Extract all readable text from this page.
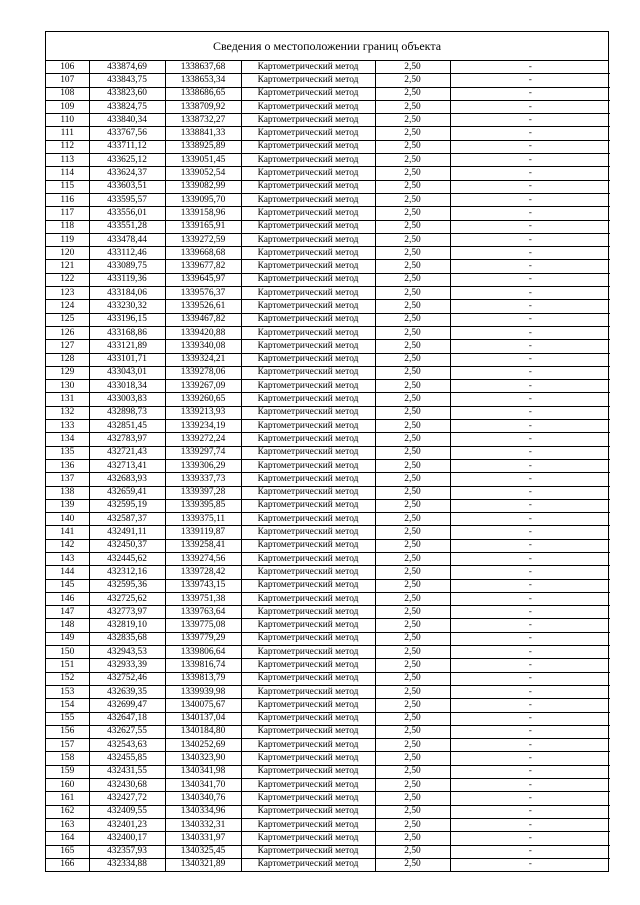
Сведения о местоположении границ объекта
106	433874,69	1338637,68	Картометрический метод	2,50	-
107	433843,75	1338653,34	Картометрический метод	2,50	-
108	433823,60	1338686,65	Картометрический метод	2,50	-
109	433824,75	1338709,92	Картометрический метод	2,50	-
110	433840,34	1338732,27	Картометрический метод	2,50	-
111	433767,56	1338841,33	Картометрический метод	2,50	-
112	433711,12	1338925,89	Картометрический метод	2,50	-
113	433625,12	1339051,45	Картометрический метод	2,50	-
114	433624,37	1339052,54	Картометрический метод	2,50	-
115	433603,51	1339082,99	Картометрический метод	2,50	-
116	433595,57	1339095,70	Картометрический метод	2,50	-
117	433556,01	1339158,96	Картометрический метод	2,50	-
118	433551,28	1339165,91	Картометрический метод	2,50	-
119	433478,44	1339272,59	Картометрический метод	2,50	-
120	433112,46	1339668,68	Картометрический метод	2,50	-
121	433089,75	1339677,82	Картометрический метод	2,50	-
122	433119,36	1339645,97	Картометрический метод	2,50	-
123	433184,06	1339576,37	Картометрический метод	2,50	-
124	433230,32	1339526,61	Картометрический метод	2,50	-
125	433196,15	1339467,82	Картометрический метод	2,50	-
126	433168,86	1339420,88	Картометрический метод	2,50	-
127	433121,89	1339340,08	Картометрический метод	2,50	-
128	433101,71	1339324,21	Картометрический метод	2,50	-
129	433043,01	1339278,06	Картометрический метод	2,50	-
130	433018,34	1339267,09	Картометрический метод	2,50	-
131	433003,83	1339260,65	Картометрический метод	2,50	-
132	432898,73	1339213,93	Картометрический метод	2,50	-
133	432851,45	1339234,19	Картометрический метод	2,50	-
134	432783,97	1339272,24	Картометрический метод	2,50	-
135	432721,43	1339297,74	Картометрический метод	2,50	-
136	432713,41	1339306,29	Картометрический метод	2,50	-
137	432683,93	1339337,73	Картометрический метод	2,50	-
138	432659,41	1339397,28	Картометрический метод	2,50	-
139	432595,19	1339395,85	Картометрический метод	2,50	-
140	432587,37	1339375,11	Картометрический метод	2,50	-
141	432491,11	1339119,87	Картометрический метод	2,50	-
142	432450,37	1339258,41	Картометрический метод	2,50	-
143	432445,62	1339274,56	Картометрический метод	2,50	-
144	432312,16	1339728,42	Картометрический метод	2,50	-
145	432595,36	1339743,15	Картометрический метод	2,50	-
146	432725,62	1339751,38	Картометрический метод	2,50	-
147	432773,97	1339763,64	Картометрический метод	2,50	-
148	432819,10	1339775,08	Картометрический метод	2,50	-
149	432835,68	1339779,29	Картометрический метод	2,50	-
150	432943,53	1339806,64	Картометрический метод	2,50	-
151	432933,39	1339816,74	Картометрический метод	2,50	-
152	432752,46	1339813,79	Картометрический метод	2,50	-
153	432639,35	1339939,98	Картометрический метод	2,50	-
154	432699,47	1340075,67	Картометрический метод	2,50	-
155	432647,18	1340137,04	Картометрический метод	2,50	-
156	432627,55	1340184,80	Картометрический метод	2,50	-
157	432543,63	1340252,69	Картометрический метод	2,50	-
158	432455,85	1340323,90	Картометрический метод	2,50	-
159	432431,55	1340341,98	Картометрический метод	2,50	-
160	432430,68	1340341,70	Картометрический метод	2,50	-
161	432427,72	1340340,76	Картометрический метод	2,50	-
162	432409,55	1340334,96	Картометрический метод	2,50	-
163	432401,23	1340332,31	Картометрический метод	2,50	-
164	432400,17	1340331,97	Картометрический метод	2,50	-
165	432357,93	1340325,45	Картометрический метод	2,50	-
166	432334,88	1340321,89	Картометрический метод	2,50	-
